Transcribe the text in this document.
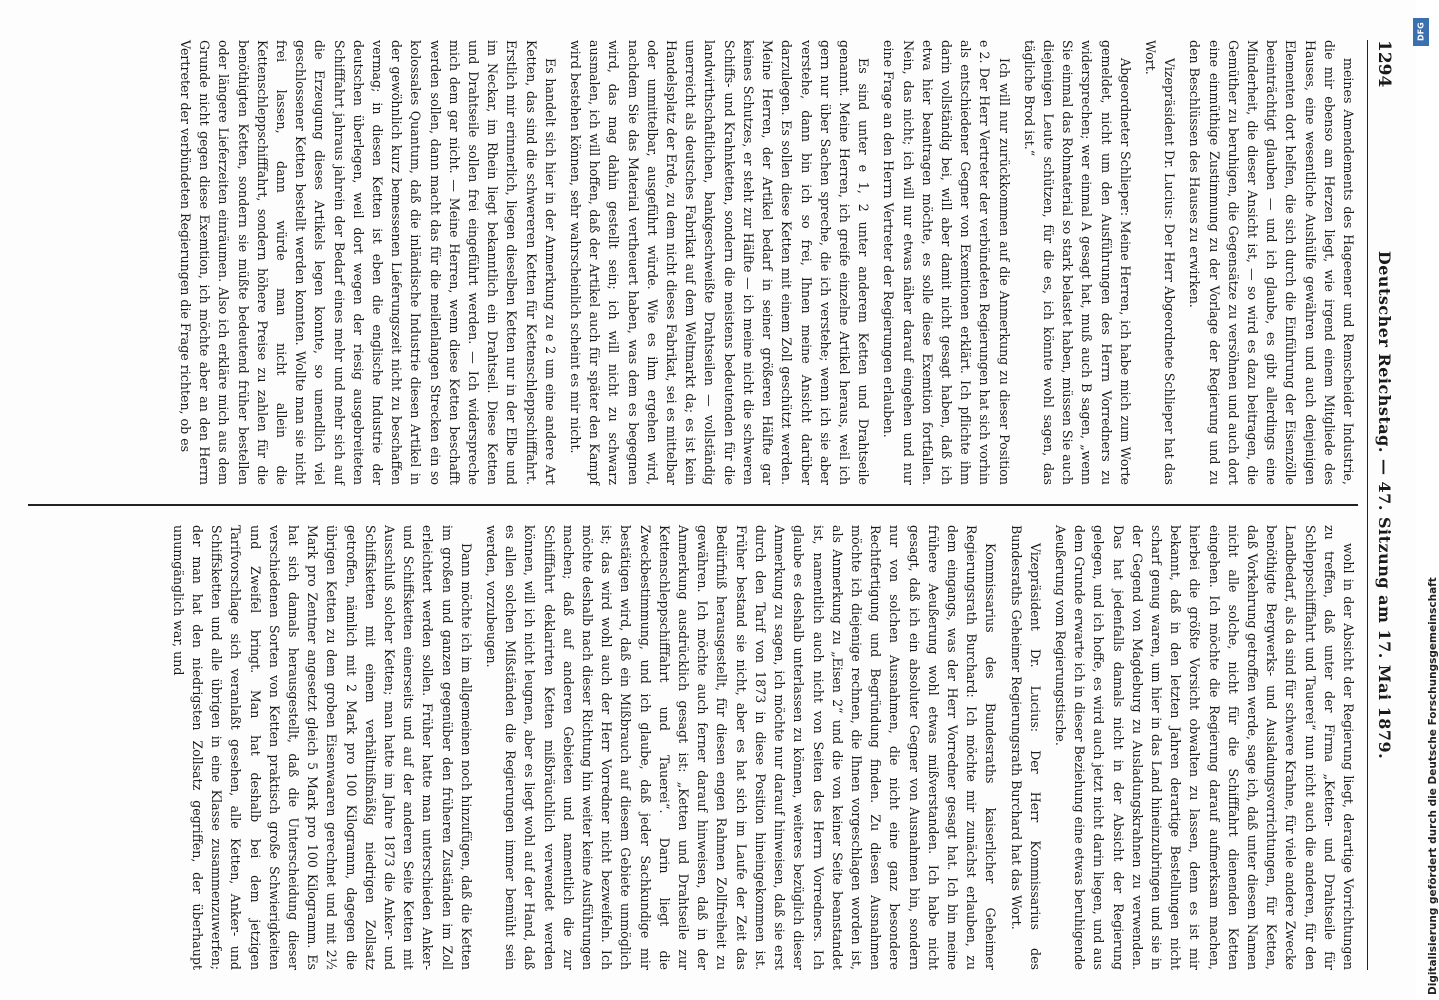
1294
Deutscher Reichstag. — 47. Sitzung am 17. Mai 1879.

meines Amendements des Hageener und Remscheider Industrie, die mir ebenso am Herzen liegt, wie irgend einem Mitgliede des Hauses, eine wesentliche Aushülfe gewähren und auch denjenigen Elementen dort helfen, die sich durch die Einführung der Eisenzölle beeinträchtigt glauben — und ich glaube, es gibt allerdings eine Minderheit, die dieser Ansicht ist, — so wird es dazu beitragen, die Gemüther zu beruhigen, die Gegensätze zu versöhnen und auch dort eine einmüthige Zustimmung zu der Vorlage der Regierung und zu den Beschlüssen des Hauses zu erwirken.

Vizepräsident Dr. Lucius: Der Herr Abgeordnete Schlieper hat das Wort.

Abgeordneter Schlieper: Meine Herren, ich habe mich zum Worte gemeldet, nicht um den Ausführungen des Herrn Vorredners zu widersprechen; wer einmal A gesagt hat, muß auch B sagen, „wenn Sie einmal das Rohmaterial so stark belastet haben, müssen Sie auch diejenigen Leute schützen, für die es, ich könnte wohl sagen, das tägliche Brod ist.“

Ich will nur zurückkommen auf die Anmerkung zu dieser Position e 2. Der Herr Vertreter der verbündeten Regierungen hat sich vorhin als entschiedener Gegner von Exemtionen erklärt. Ich pflichte ihm darin vollständig bei, will aber damit nicht gesagt haben, daß ich etwa hier beantragen möchte, es solle diese Exemtion fortfallen. Nein, das nicht; ich will nur etwas näher darauf eingehen und nur eine Frage an den Herrn Vertreter der Regierungen erlauben.

Es sind unter e 1, 2 unter anderem Ketten und Drahtseile genannt. Meine Herren, ich greife einzelne Artikel heraus, weil ich gern nur über Sachen spreche, die ich verstehe; wenn ich sie aber verstehe, dann bin ich so frei, Ihnen meine Ansicht darüber darzulegen. Es sollen diese Ketten mit einem Zoll geschützt werden. Meine Herren, der Artikel bedarf in seiner größeren Hälfte gar keines Schutzes, er steht zur Hälfte — ich meine nicht die schweren Schiffs- und Krahnketten, sondern die meistens bedeutenden für die landwirthschaftlichen, bankgeschweißte Drahtseilen — vollständig unerreicht als deutsches Fabrikat auf dem Weltmarkt da; es ist kein Handelsplatz der Erde, zu dem nicht dieses Fabrikat, sei es mittelbar oder unmittelbar, ausgeführt würde. Wie es ihm ergehen wird, nachdem Sie das Material vertheuert haben, was dem es begegnen wird, das mag dahin gestellt sein; ich will nicht zu schwarz ausmalen, ich will hoffen, daß der Artikel auch für später den Kampf wird bestehen können, sehr wahrscheinlich scheint es mir nicht.

Es handelt sich hier in der Anmerkung zu e 2 um eine andere Art Ketten, das sind die schwereren Ketten für Kettenschleppschifffahrt. Erstlich mir erinnerlich, liegen dieselben Ketten nur in der Elbe und im Neckar, im Rhein liegt bekanntlich ein Drahtseil. Diese Ketten und Drahtseile sollen frei eingeführt werden. — Ich widerspreche mich dem gar nicht. — Meine Herren, wenn diese Ketten beschafft werden sollen, dann macht das für die meilenlangen Strecken ein so kolossales Quantum, daß die inländische Industrie diesen Artikel in der gewöhnlich kurz bemessenen Lieferungszeit nicht zu beschaffen vermag; in diesen Ketten ist eben die englische Industrie der deutschen überlegen, weil dort wegen der riesig ausgebreiteten Schifffahrt jahraus jahrein der Bedarf eines mehr und mehr sich auf die Erzeugung dieses Artikels legen konnte, so unendlich viel geschlossener Ketten bestellt werden konnten. Wollte man sie nicht frei lassen, dann würde man nicht allein die Kettenschleppschifffahrt, sondern höhere Preise zu zahlen für die benöthigten Ketten, sondern sie müßte bedeutend früher bestellen oder längere Lieferzeiten einräumen. Also ich erkläre mich aus dem Grunde nicht gegen diese Exemtion, ich möchte aber an den Herrn Vertreter der verbündeten Regierungen die Frage richten, ob es

wohl in der Absicht der Regierung liegt, derartige Vorrichtungen zu treffen, daß unter der Firma „Ketten- und Drahtseile für Schleppschifffahrt und Tauerei“ nun nicht auch die anderen, für den Landbedarf, als da sind für schwere Krahne, für viele andere Zwecke benöthigte Bergwerks- und Ausladungsvorrichtungen, für Ketten, daß Vorkehrung getroffen werde, sage ich, daß unter diesem Namen nicht alle solche, nicht für die Schifffahrt dienenden Ketten eingehen. Ich möchte die Regierung darauf aufmerksam machen, hierbei die größte Vorsicht obwalten zu lassen, denn es ist mir bekannt, daß in den letzten Jahren derartige Bestellungen nicht scharf genug waren, um hier in das Land hineinzubringen und sie in der Gegend von Magdeburg zu Ausladungskrahnen zu verwenden. Das hat jedenfalls damals nicht in der Absicht der Regierung gelegen, und ich hoffe, es wird auch jetzt nicht darin liegen, und aus dem Grunde erwarte ich in dieser Beziehung eine etwas beruhigende Aeußerung vom Regierungstische.

Vizepräsident Dr. Lucius: Der Herr Kommissarius des Bundesraths Geheimer Regierungsrath Burchard hat das Wort.

Kommissarius des Bundesraths kaiserlicher Geheimer Regierungsrath Burchard: Ich möchte mir zunächst erlauben, zu dem eingangs, was der Herr Vorredner gesagt hat. Ich bin meine frühere Aeußerung wohl etwas mißverstanden. Ich habe nicht gesagt, daß ich ein absoluter Gegner von Ausnahmen bin, sondern nur von solchen Ausnahmen, die nicht eine ganz besondere Rechtfertigung und Begründung finden. Zu diesen Ausnahmen möchte ich diejenige rechnen, die Ihnen vorgeschlagen worden ist, als Anmerkung zu „Eisen 2“ und die von keiner Seite beanstandet ist, namentlich auch nicht von Seiten des Herrn Vorredners. Ich glaube es deshalb unterlassen zu können, weiteres bezüglich dieser Anmerkung zu sagen, ich möchte nur darauf hinweisen, daß sie erst durch den Tarif von 1873 in diese Position hineingekommen ist. Früher bestand sie nicht, aber es hat sich im Laufe der Zeit das Bedürfniß herausgestellt, für diesen engen Rahmen Zollfreiheit zu gewähren. Ich möchte auch ferner darauf hinweisen, daß in der Anmerkung ausdrücklich gesagt ist: „Ketten und Drahtseile zur Kettenschleppschifffahrt und Tauerei“. Darin liegt die Zweckbestimmung, und ich glaube, daß jeder Sachkundige mir bestätigen wird, daß ein Mißbrauch auf diesem Gebiete unmöglich ist; das wird wohl auch der Herr Vorredner nicht bezweifeln. Ich möchte deshalb nach dieser Richtung hin weiter keine Ausführungen machen; daß auf anderen Gebieten und namentlich die zur Schifffahrt deklarirten Ketten mißbräuchlich verwendet werden können, will ich nicht leugnen, aber es liegt wohl auf der Hand, daß es allen solchen Mißständen die Regierungen immer bemüht sein werden, vorzubeugen.

Dann möchte ich im allgemeinen noch hinzufügen, daß die Ketten im großen und ganzen gegenüber den früheren Zuständen im Zoll erleichtert werden sollen. Früher hatte man unterschieden Anker- und Schiffsketten einerseits und auf der anderen Seite Ketten mit Ausschluß solcher Ketten; man hatte im Jahre 1873 die Anker- und Schiffsketten mit einem verhältnißmäßig niedrigen Zollsatz getroffen, nämlich mit 2 Mark pro 100 Kilogramm, dagegen die übrigen Ketten zu dem groben Eisenwaaren gerechnet und mit 2½ Mark pro Zentner angesetzt gleich 5 Mark pro 100 Kilogramm. Es hat sich damals herausgestellt, daß die Unterscheidung dieser verschiedenen Sorten von Ketten praktisch große Schwierigkeiten und Zweifel bringt. Man hat deshalb bei dem jetzigen Tarifvorschlage sich veranlaßt gesehen, alle Ketten, Anker- und Schiffsketten und alle übrigen in eine Klasse zusammenzuwerfen; der man hat den niedrigsten Zollsatz gegriffen, der überhaupt unumgänglich war, und

DFG
Digitalisierung gefördert durch die Deutsche Forschungsgemeinschaft
